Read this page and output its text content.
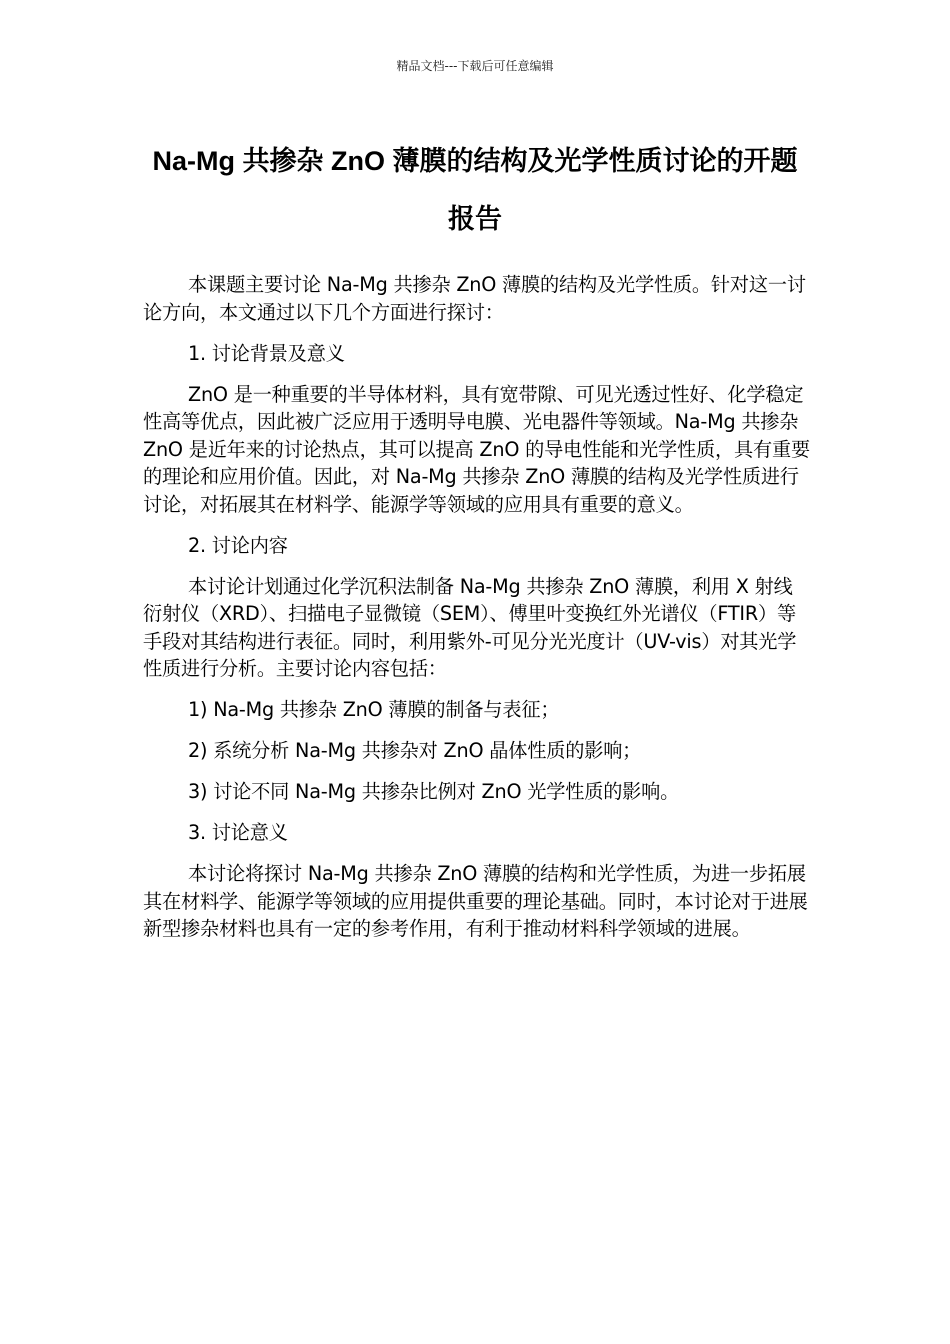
精品文档---下载后可任意编辑
Na-Mg 共掺杂 ZnO 薄膜的结构及光学性质讨论的开题报告

本课题主要讨论 Na-Mg 共掺杂 ZnO 薄膜的结构及光学性质。针对这一讨论方向，本文通过以下几个方面进行探讨：

1. 讨论背景及意义

ZnO 是一种重要的半导体材料，具有宽带隙、可见光透过性好、化学稳定性高等优点，因此被广泛应用于透明导电膜、光电器件等领域。Na-Mg 共掺杂 ZnO 是近年来的讨论热点，其可以提高 ZnO 的导电性能和光学性质，具有重要的理论和应用价值。因此，对 Na-Mg 共掺杂 ZnO 薄膜的结构及光学性质进行讨论，对拓展其在材料学、能源学等领域的应用具有重要的意义。

2. 讨论内容

本讨论计划通过化学沉积法制备 Na-Mg 共掺杂 ZnO 薄膜，利用 X 射线衍射仪（XRD）、扫描电子显微镜（SEM）、傅里叶变换红外光谱仪（FTIR）等手段对其结构进行表征。同时，利用紫外-可见分光光度计（UV-vis）对其光学性质进行分析。主要讨论内容包括：

1) Na-Mg 共掺杂 ZnO 薄膜的制备与表征；

2) 系统分析 Na-Mg 共掺杂对 ZnO 晶体性质的影响；

3) 讨论不同 Na-Mg 共掺杂比例对 ZnO 光学性质的影响。

3. 讨论意义

本讨论将探讨 Na-Mg 共掺杂 ZnO 薄膜的结构和光学性质，为进一步拓展其在材料学、能源学等领域的应用提供重要的理论基础。同时，本讨论对于进展新型掺杂材料也具有一定的参考作用，有利于推动材料科学领域的进展。
